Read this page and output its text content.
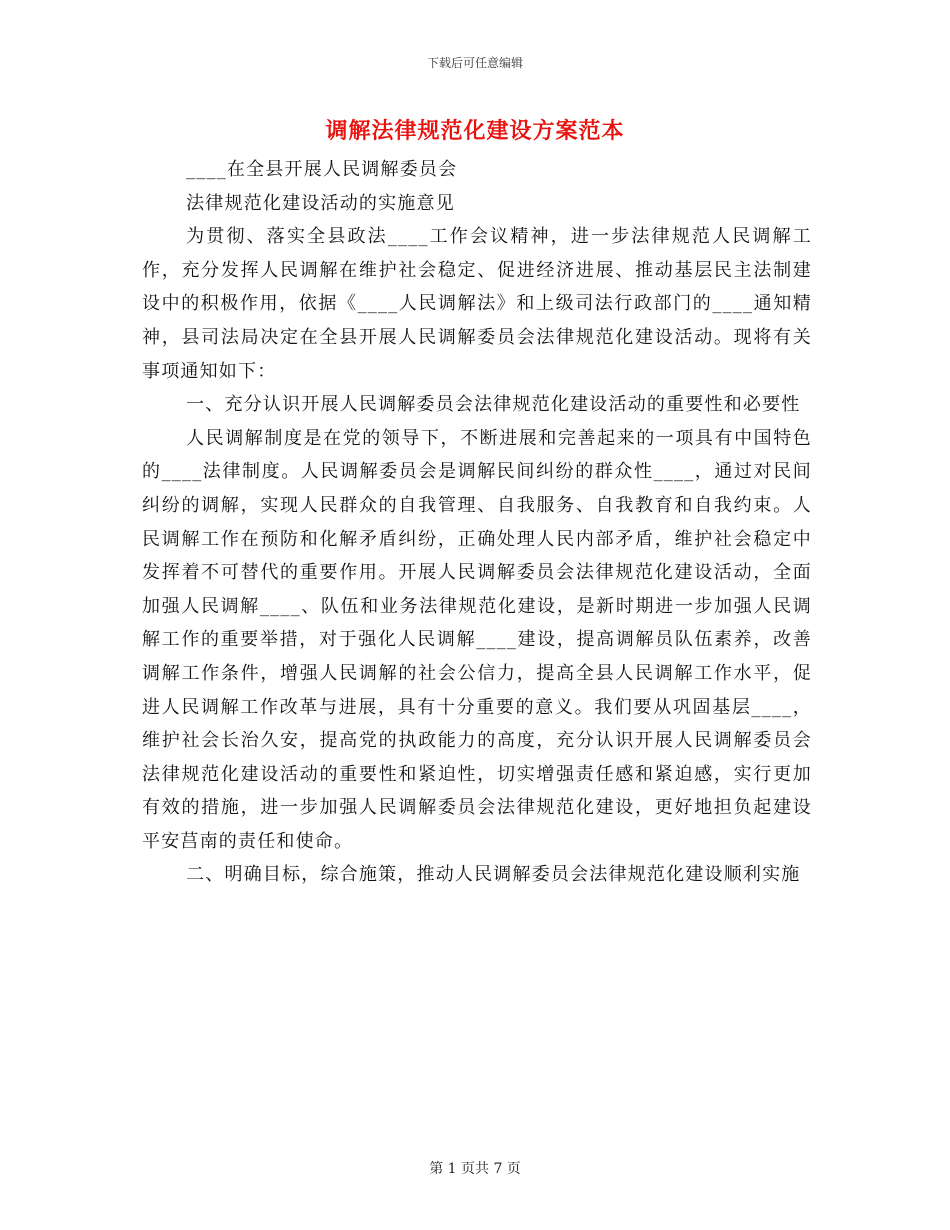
下载后可任意编辑
调解法律规范化建设方案范本

____在全县开展人民调解委员会

法律规范化建设活动的实施意见

为贯彻、落实全县政法____工作会议精神，进一步法律规范人民调解工作，充分发挥人民调解在维护社会稳定、促进经济进展、推动基层民主法制建设中的积极作用，依据《____人民调解法》和上级司法行政部门的____通知精神，县司法局决定在全县开展人民调解委员会法律规范化建设活动。现将有关事项通知如下：

一、充分认识开展人民调解委员会法律规范化建设活动的重要性和必要性

人民调解制度是在党的领导下，不断进展和完善起来的一项具有中国特色的____法律制度。人民调解委员会是调解民间纠纷的群众性____，通过对民间纠纷的调解，实现人民群众的自我管理、自我服务、自我教育和自我约束。人民调解工作在预防和化解矛盾纠纷，正确处理人民内部矛盾，维护社会稳定中发挥着不可替代的重要作用。开展人民调解委员会法律规范化建设活动，全面加强人民调解____、队伍和业务法律规范化建设，是新时期进一步加强人民调解工作的重要举措，对于强化人民调解____建设，提高调解员队伍素养，改善调解工作条件，增强人民调解的社会公信力，提高全县人民调解工作水平，促进人民调解工作改革与进展，具有十分重要的意义。我们要从巩固基层____，维护社会长治久安，提高党的执政能力的高度，充分认识开展人民调解委员会法律规范化建设活动的重要性和紧迫性，切实增强责任感和紧迫感，实行更加有效的措施，进一步加强人民调解委员会法律规范化建设，更好地担负起建设平安莒南的责任和使命。

二、明确目标，综合施策，推动人民调解委员会法律规范化建设顺利实施

第 1 页共 7 页
